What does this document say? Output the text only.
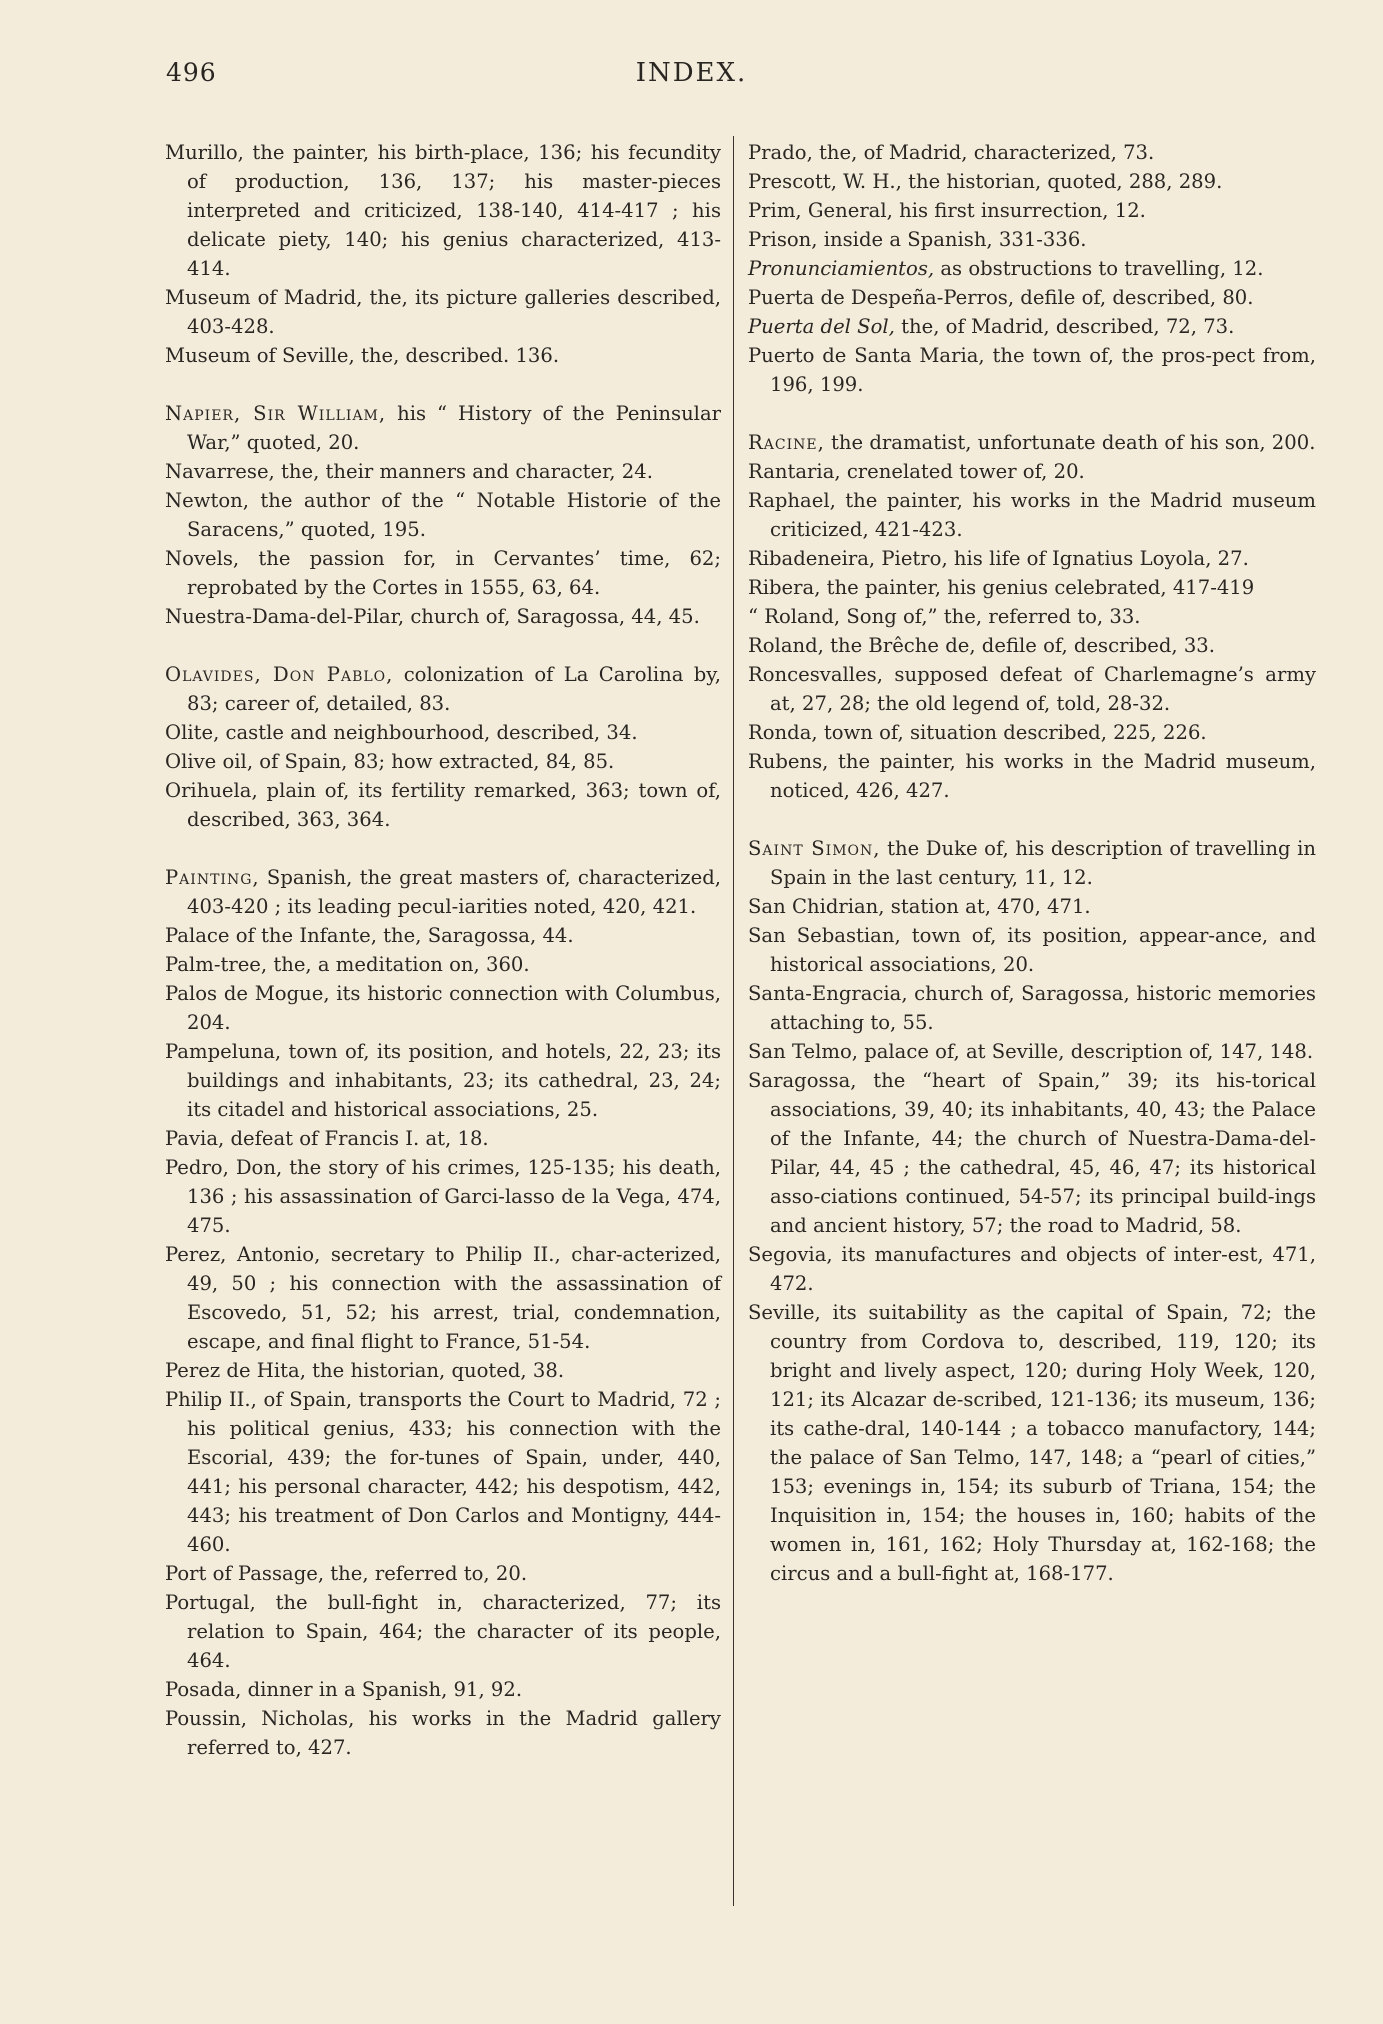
496	INDEX.

Murillo, the painter, his birth-place, 136; his fecundity of production, 136, 137; his master-pieces interpreted and criticized, 138-140, 414-417 ; his delicate piety, 140; his genius characterized, 413-414.

Museum of Madrid, the, its picture galleries described, 403-428.

Museum of Seville, the, described. 136.

Napier, Sir William, his “ History of the Peninsular War,” quoted, 20.

Navarrese, the, their manners and character, 24.

Newton, the author of the “ Notable Historie of the Saracens,” quoted, 195.

Novels, the passion for, in Cervantes’ time, 62; reprobated by the Cortes in 1555, 63, 64.

Nuestra-Dama-del-Pilar, church of, Saragossa, 44, 45.

Olavides, Don Pablo, colonization of La Carolina by, 83; career of, detailed, 83.

Olite, castle and neighbourhood, described, 34.

Olive oil, of Spain, 83; how extracted, 84, 85.

Orihuela, plain of, its fertility remarked, 363; town of, described, 363, 364.

Painting, Spanish, the great masters of, characterized, 403-420 ; its leading pecul-iarities noted, 420, 421.

Palace of the Infante, the, Saragossa, 44.

Palm-tree, the, a meditation on, 360.

Palos de Mogue, its historic connection with Columbus, 204.

Pampeluna, town of, its position, and hotels, 22, 23; its buildings and inhabitants, 23; its cathedral, 23, 24; its citadel and historical associations, 25.

Pavia, defeat of Francis I. at, 18.

Pedro, Don, the story of his crimes, 125-135; his death, 136 ; his assassination of Garci-lasso de la Vega, 474, 475.

Perez, Antonio, secretary to Philip II., char-acterized, 49, 50 ; his connection with the assassination of Escovedo, 51, 52; his arrest, trial, condemnation, escape, and final flight to France, 51-54.

Perez de Hita, the historian, quoted, 38.

Philip II., of Spain, transports the Court to Madrid, 72 ; his political genius, 433; his connection with the Escorial, 439; the for-tunes of Spain, under, 440, 441; his personal character, 442; his despotism, 442, 443; his treatment of Don Carlos and Montigny, 444-460.

Port of Passage, the, referred to, 20.

Portugal, the bull-fight in, characterized, 77; its relation to Spain, 464; the character of its people, 464.

Posada, dinner in a Spanish, 91, 92.

Poussin, Nicholas, his works in the Madrid gallery referred to, 427.

Prado, the, of Madrid, characterized, 73.

Prescott, W. H., the historian, quoted, 288, 289.

Prim, General, his first insurrection, 12.

Prison, inside a Spanish, 331-336.

Pronunciamientos, as obstructions to travelling, 12.

Puerta de Despeña-Perros, defile of, described, 80.

Puerta del Sol, the, of Madrid, described, 72, 73.

Puerto de Santa Maria, the town of, the pros-pect from, 196, 199.

Racine, the dramatist, unfortunate death of his son, 200.

Rantaria, crenelated tower of, 20.

Raphael, the painter, his works in the Madrid museum criticized, 421-423.

Ribadeneira, Pietro, his life of Ignatius Loyola, 27.

Ribera, the painter, his genius celebrated, 417-419

“ Roland, Song of,” the, referred to, 33.

Roland, the Brêche de, defile of, described, 33.

Roncesvalles, supposed defeat of Charlemagne’s army at, 27, 28; the old legend of, told, 28-32.

Ronda, town of, situation described, 225, 226.

Rubens, the painter, his works in the Madrid museum, noticed, 426, 427.

Saint Simon, the Duke of, his description of travelling in Spain in the last century, 11, 12.

San Chidrian, station at, 470, 471.

San Sebastian, town of, its position, appear-ance, and historical associations, 20.

Santa-Engracia, church of, Saragossa, historic memories attaching to, 55.

San Telmo, palace of, at Seville, description of, 147, 148.

Saragossa, the “heart of Spain,” 39; its his-torical associations, 39, 40; its inhabitants, 40, 43; the Palace of the Infante, 44; the church of Nuestra-Dama-del-Pilar, 44, 45 ; the cathedral, 45, 46, 47; its historical asso-ciations continued, 54-57; its principal build-ings and ancient history, 57; the road to Madrid, 58.

Segovia, its manufactures and objects of inter-est, 471, 472.

Seville, its suitability as the capital of Spain, 72; the country from Cordova to, described, 119, 120; its bright and lively aspect, 120; during Holy Week, 120, 121; its Alcazar de-scribed, 121-136; its museum, 136; its cathe-dral, 140-144 ; a tobacco manufactory, 144; the palace of San Telmo, 147, 148; a “pearl of cities,” 153; evenings in, 154; its suburb of Triana, 154; the Inquisition in, 154; the houses in, 160; habits of the women in, 161, 162; Holy Thursday at, 162-168; the circus and a bull-fight at, 168-177.
